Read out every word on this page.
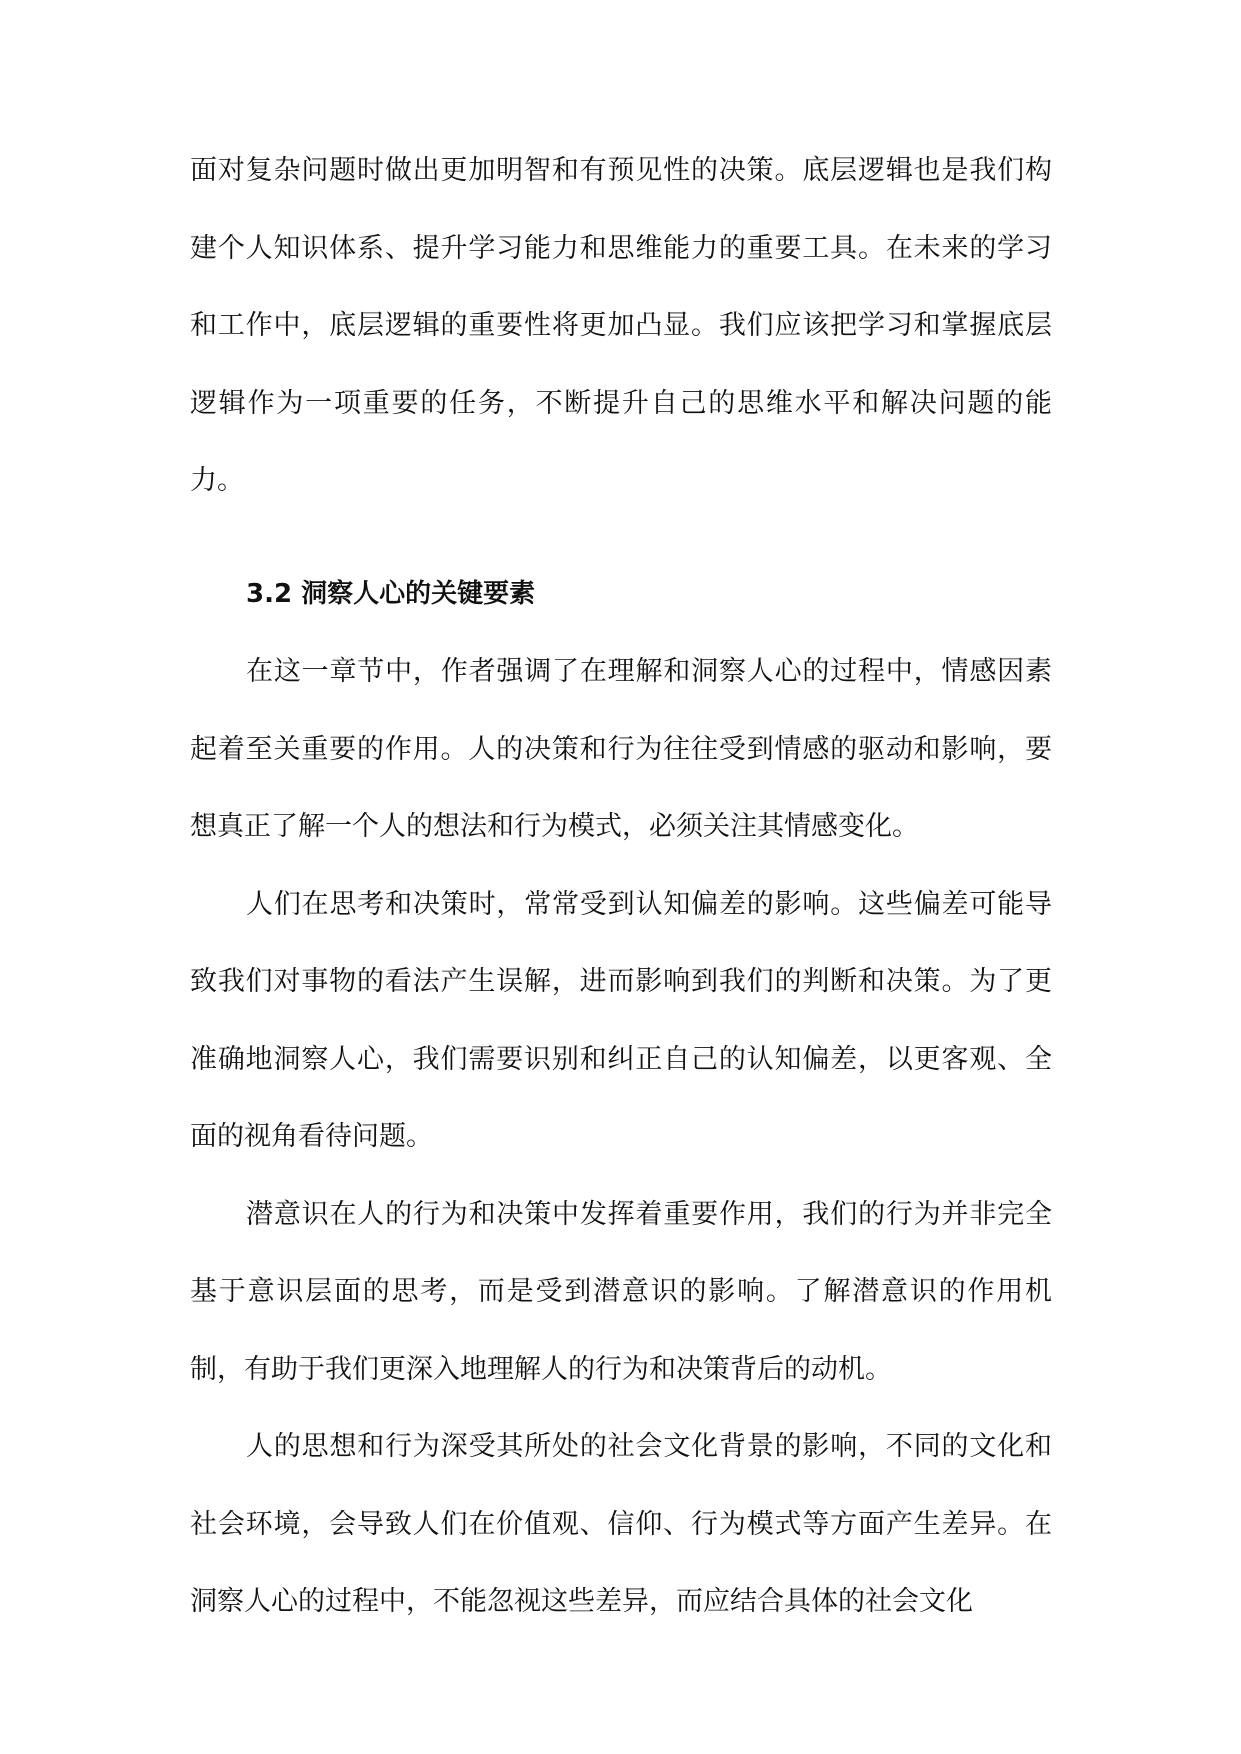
面对复杂问题时做出更加明智和有预见性的决策。底层逻辑也是我们构建个人知识体系、提升学习能力和思维能力的重要工具。在未来的学习和工作中，底层逻辑的重要性将更加凸显。我们应该把学习和掌握底层逻辑作为一项重要的任务，不断提升自己的思维水平和解决问题的能力。

3.2 洞察人心的关键要素

在这一章节中，作者强调了在理解和洞察人心的过程中，情感因素起着至关重要的作用。人的决策和行为往往受到情感的驱动和影响，要想真正了解一个人的想法和行为模式，必须关注其情感变化。

人们在思考和决策时，常常受到认知偏差的影响。这些偏差可能导致我们对事物的看法产生误解，进而影响到我们的判断和决策。为了更准确地洞察人心，我们需要识别和纠正自己的认知偏差，以更客观、全面的视角看待问题。

潜意识在人的行为和决策中发挥着重要作用，我们的行为并非完全基于意识层面的思考，而是受到潜意识的影响。了解潜意识的作用机制，有助于我们更深入地理解人的行为和决策背后的动机。

人的思想和行为深受其所处的社会文化背景的影响，不同的文化和社会环境，会导致人们在价值观、信仰、行为模式等方面产生差异。在洞察人心的过程中，不能忽视这些差异，而应结合具体的社会文化
